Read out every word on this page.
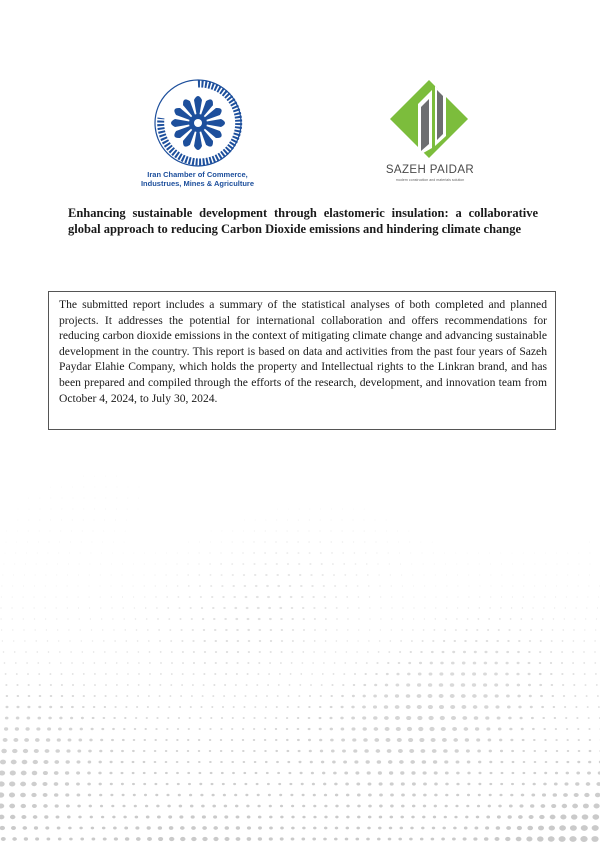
Iran Chamber of Commerce,
Industrues, Mines & Agriculture
SAZEH PAIDAR
modern construction and materials solution

Enhancing sustainable development through elastomeric insulation: a collaborative global approach to reducing Carbon Dioxide emissions and hindering climate change

The submitted report includes a summary of the statistical analyses of both completed and planned projects. It addresses the potential for international collaboration and offers recommendations for reducing carbon dioxide emissions in the context of mitigating climate change and advancing sustainable development in the country. This report is based on data and activities from the past four years of Sazeh Paydar Elahie Company, which holds the property and Intellectual rights to the Linkran brand, and has been prepared and compiled through the efforts of the research, development, and innovation team from October 4, 2024, to July 30, 2024.
